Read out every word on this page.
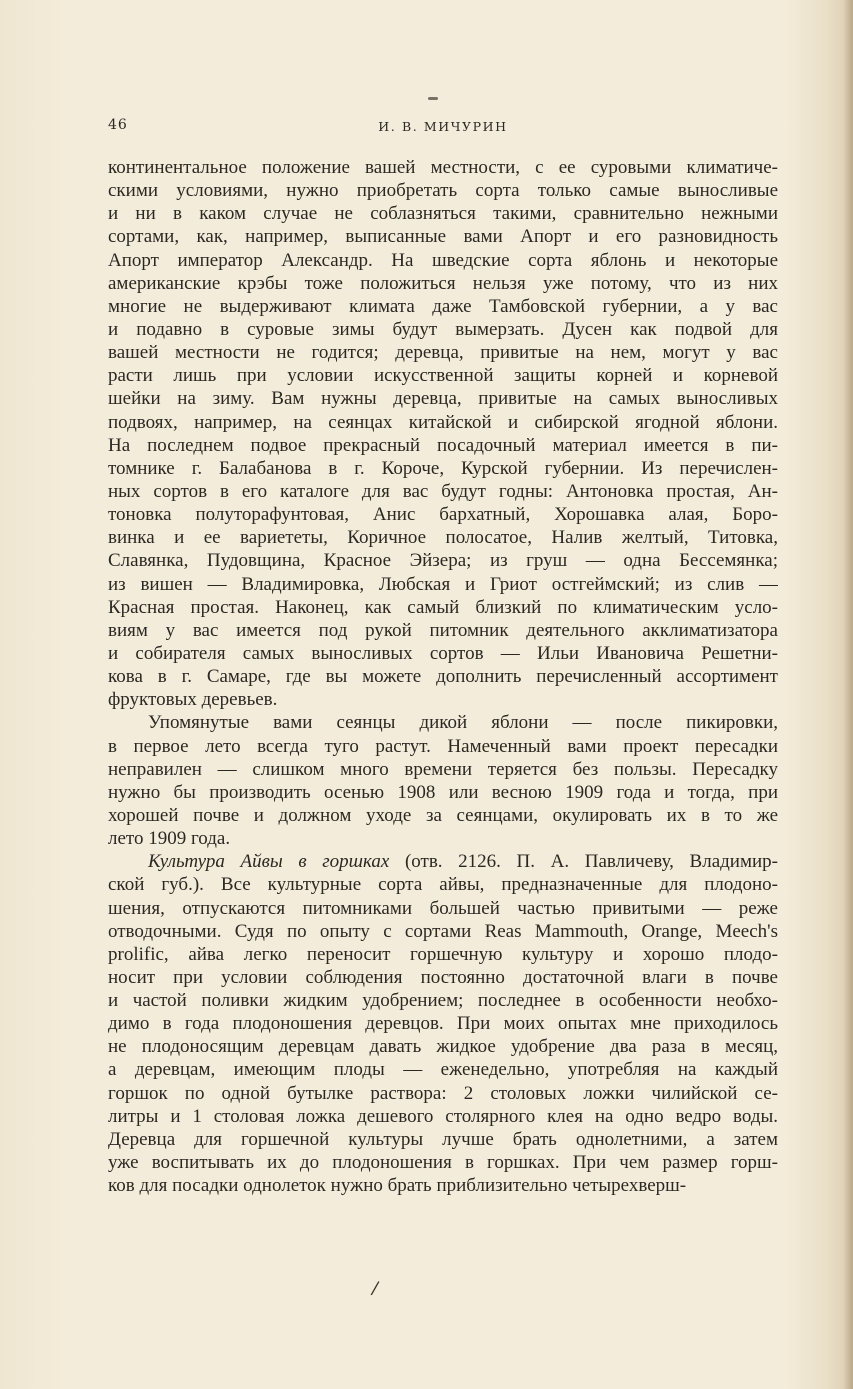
46	И. В. МИЧУРИН
континентальное положение вашей местности, с ее суровыми климатиче-
скими условиями, нужно приобретать сорта только самые выносливые
и ни в каком случае не соблазняться такими, сравнительно нежными
сортами, как, например, выписанные вами Апорт и его разновидность
Апорт император Александр. На шведские сорта яблонь и некоторые
американские крэбы тоже положиться нельзя уже потому, что из них
многие не выдерживают климата даже Тамбовской губернии, а у вас
и подавно в суровые зимы будут вымерзать. Дусен как подвой для
вашей местности не годится; деревца, привитые на нем, могут у вас
расти лишь при условии искусственной защиты корней и корневой
шейки на зиму. Вам нужны деревца, привитые на самых выносливых
подвоях, например, на сеянцах китайской и сибирской ягодной яблони.
На последнем подвое прекрасный посадочный материал имеется в пи-
томнике г. Балабанова в г. Короче, Курской губернии. Из перечислен-
ных сортов в его каталоге для вас будут годны: Антоновка простая, Ан-
тоновка полуторафунтовая, Анис бархатный, Хорошавка алая, Боро-
винка и ее вариететы, Коричное полосатое, Налив желтый, Титовка,
Славянка, Пудовщина, Красное Эйзера; из груш — одна Бессемянка;
из вишен — Владимировка, Любская и Гриот остгеймский; из слив —
Красная простая. Наконец, как самый близкий по климатическим усло-
виям у вас имеется под рукой питомник деятельного акклиматизатора
и собирателя самых выносливых сортов — Ильи Ивановича Решетни-
кова в г. Самаре, где вы можете дополнить перечисленный ассортимент
фруктовых деревьев.
Упомянутые вами сеянцы дикой яблони — после пикировки,
в первое лето всегда туго растут. Намеченный вами проект пересадки
неправилен — слишком много времени теряется без пользы. Пересадку
нужно бы производить осенью 1908 или весною 1909 года и тогда, при
хорошей почве и должном уходе за сеянцами, окулировать их в то же
лето 1909 года.
Культура Айвы в горшках (отв. 2126. П. А. Павличеву, Владимир-
ской губ.). Все культурные сорта айвы, предназначенные для плодоно-
шения, отпускаются питомниками большей частью привитыми — реже
отводочными. Судя по опыту с сортами Reas Mammouth, Orange, Meech's
prolific, айва легко переносит горшечную культуру и хорошо плодо-
носит при условии соблюдения постоянно достаточной влаги в почве
и частой поливки жидким удобрением; последнее в особенности необхо-
димо в года плодоношения деревцов. При моих опытах мне приходилось
не плодоносящим деревцам давать жидкое удобрение два раза в месяц,
а деревцам, имеющим плоды — еженедельно, употребляя на каждый
горшок по одной бутылке раствора: 2 столовых ложки чилийской се-
литры и 1 столовая ложка дешевого столярного клея на одно ведро воды.
Деревца для горшечной культуры лучше брать однолетними, а затем
уже воспитывать их до плодоношения в горшках. При чем размер горш-
ков для посадки однолеток нужно брать приблизительно четырехверш-
/
